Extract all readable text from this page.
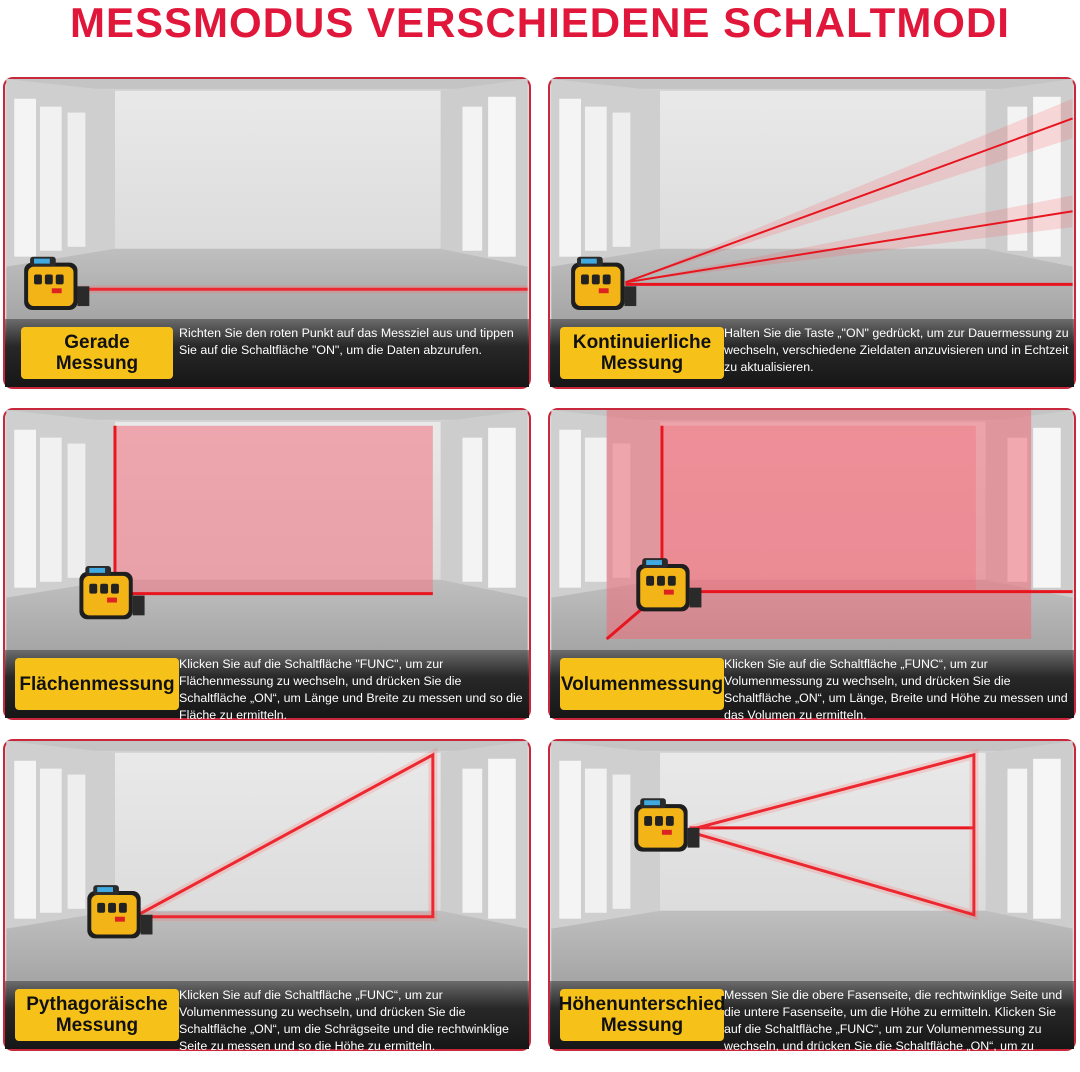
MESSMODUS VERSCHIEDENE SCHALTMODI
Gerade
Messung
Richten Sie den roten Punkt auf das Messziel aus und tippen Sie auf die Schaltfläche "ON", um die Daten abzurufen.	Kontinuierliche
Messung
Halten Sie die Taste „"ON" gedrückt, um zur Dauermessung zu wechseln, verschiedene Zieldaten anzuvisieren und in Echtzeit zu aktualisieren.
Flächenmessung
Klicken Sie auf die Schaltfläche "FUNC", um zur Flächenmessung zu wechseln, und drücken Sie die Schaltfläche „ON“, um Länge und Breite zu messen und so die Fläche zu ermitteln.
Volumenmessung
Klicken Sie auf die Schaltfläche „FUNC“, um zur Volumenmessung zu wechseln, und drücken Sie die Schaltfläche „ON“, um Länge, Breite und Höhe zu messen und das Volumen zu ermitteln.
Pythagoräische
Messung
Klicken Sie auf die Schaltfläche „FUNC“, um zur Volumenmessung zu wechseln, und drücken Sie die Schaltfläche „ON“, um die Schrägseite und die rechtwinklige Seite zu messen und so die Höhe zu ermitteln.
Höhenunterschied
Messung
Messen Sie die obere Fasenseite, die rechtwinklige Seite und die untere Fasenseite, um die Höhe zu ermitteln. Klicken Sie auf die Schaltfläche „FUNC“, um zur Volumenmessung zu wechseln, und drücken Sie die Schaltfläche „ON“, um zu messen.
